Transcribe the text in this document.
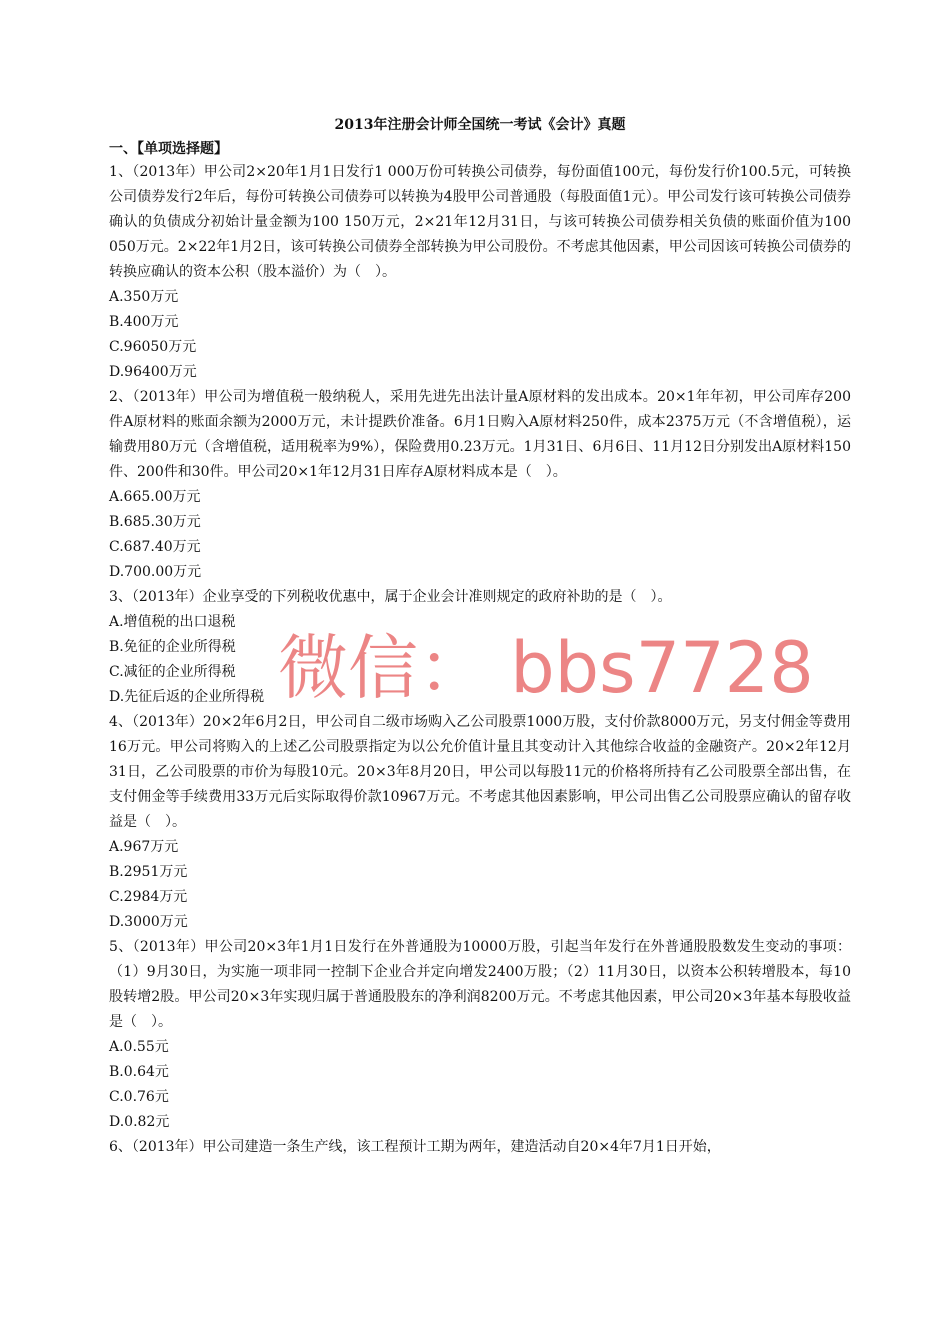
2013年注册会计师全国统一考试《会计》真题
一、【单项选择题】

1、（2013年）甲公司2×20年1月1日发行1 000万份可转换公司债券，每份面值100元，每份发行价100.5元，可转换公司债券发行2年后，每份可转换公司债券可以转换为4股甲公司普通股（每股面值1元）。甲公司发行该可转换公司债券确认的负债成分初始计量金额为100 150万元，2×21年12月31日，与该可转换公司债券相关负债的账面价值为100 050万元。2×22年1月2日，该可转换公司债券全部转换为甲公司股份。不考虑其他因素，甲公司因该可转换公司债券的转换应确认的资本公积（股本溢价）为（　）。

A.350万元

B.400万元

C.96050万元

D.96400万元

2、（2013年）甲公司为增值税一般纳税人，采用先进先出法计量A原材料的发出成本。20×1年年初，甲公司库存200件A原材料的账面余额为2000万元，未计提跌价准备。6月1日购入A原材料250件，成本2375万元（不含增值税），运输费用80万元（含增值税，适用税率为9%），保险费用0.23万元。1月31日、6月6日、11月12日分别发出A原材料150件、200件和30件。甲公司20×1年12月31日库存A原材料成本是（　）。

A.665.00万元

B.685.30万元

C.687.40万元

D.700.00万元

3、（2013年）企业享受的下列税收优惠中，属于企业会计准则规定的政府补助的是（　）。

A.增值税的出口退税

B.免征的企业所得税

C.减征的企业所得税

D.先征后返的企业所得税

4、（2013年）20×2年6月2日，甲公司自二级市场购入乙公司股票1000万股，支付价款8000万元，另支付佣金等费用16万元。甲公司将购入的上述乙公司股票指定为以公允价值计量且其变动计入其他综合收益的金融资产。20×2年12月31日，乙公司股票的市价为每股10元。20×3年8月20日，甲公司以每股11元的价格将所持有乙公司股票全部出售，在支付佣金等手续费用33万元后实际取得价款10967万元。不考虑其他因素影响，甲公司出售乙公司股票应确认的留存收益是（　）。

A.967万元

B.2951万元

C.2984万元

D.3000万元

5、（2013年）甲公司20×3年1月1日发行在外普通股为10000万股，引起当年发行在外普通股股数发生变动的事项：（1）9月30日，为实施一项非同一控制下企业合并定向增发2400万股；（2）11月30日，以资本公积转增股本，每10股转增2股。甲公司20×3年实现归属于普通股股东的净利润8200万元。不考虑其他因素，甲公司20×3年基本每股收益是（　）。

A.0.55元

B.0.64元

C.0.76元

D.0.82元

6、（2013年）甲公司建造一条生产线，该工程预计工期为两年，建造活动自20×4年7月1日开始，

微信： bbs7728
